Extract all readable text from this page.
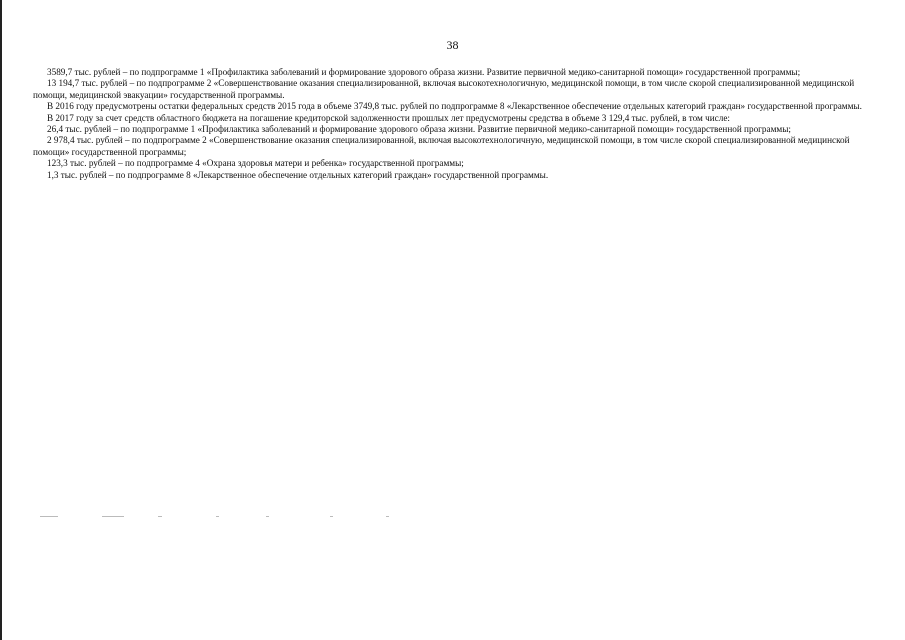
38

3589,7 тыс. рублей – по подпрограмме 1 «Профилактика заболеваний и формирование здорового образа жизни. Развитие первичной медико-санитарной помощи» государственной программы;

13 194,7 тыс. рублей – по подпрограмме 2 «Совершенствование оказания специализированной, включая высокотехнологичную, медицинской помощи, в том числе скорой специализированной медицинской помощи, медицинской эвакуации» государственной программы.

В 2016 году предусмотрены остатки федеральных средств 2015 года в объеме 3749,8 тыс. рублей по подпрограмме 8 «Лекарственное обеспечение отдельных категорий граждан» государственной программы.

В 2017 году за счет средств областного бюджета на погашение кредиторской задолженности прошлых лет предусмотрены средства в объеме 3 129,4 тыс. рублей, в том числе:

26,4 тыс. рублей – по подпрограмме 1 «Профилактика заболеваний и формирование здорового образа жизни. Развитие первичной медико-санитарной помощи» государственной программы;

2 978,4 тыс. рублей – по подпрограмме 2 «Совершенствование оказания специализированной, включая высокотехнологичную, медицинской помощи, в том числе скорой специализированной медицинской помощи» государственной программы;

123,3 тыс. рублей – по подпрограмме 4 «Охрана здоровья матери и ребенка» государственной программы;

1,3 тыс. рублей – по подпрограмме 8 «Лекарственное обеспечение отдельных категорий граждан» государственной программы.
